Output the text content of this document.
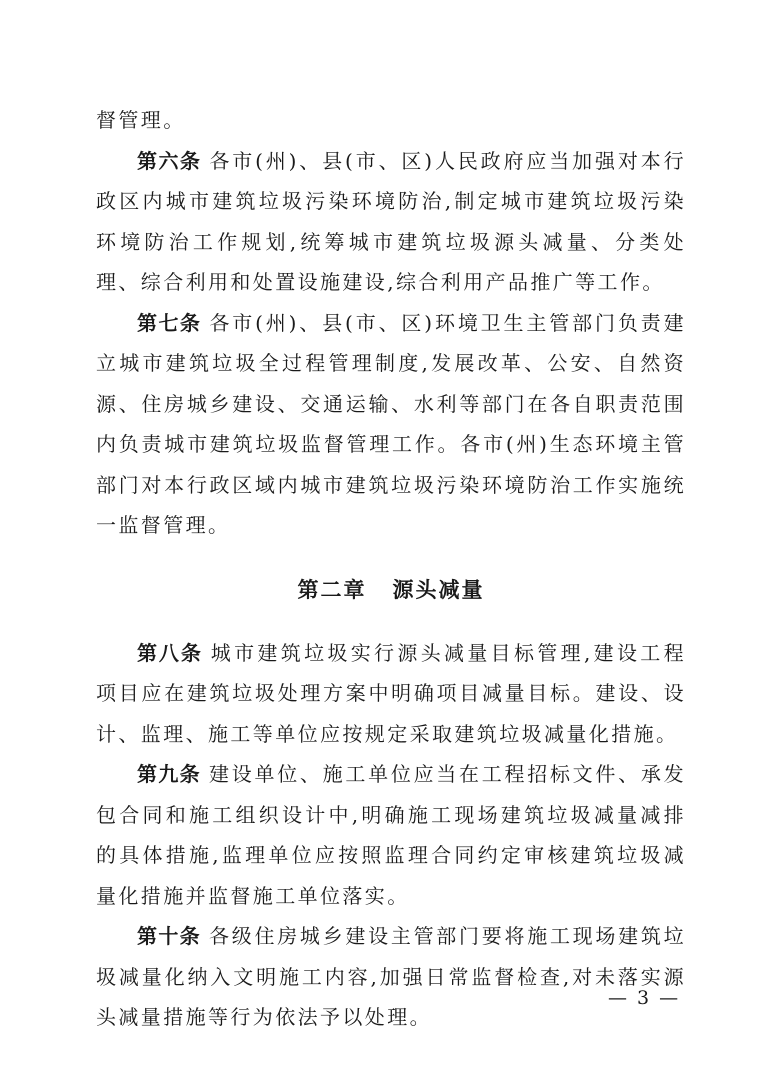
督管理。

第六条 各市(州)、县(市、区)人民政府应当加强对本行政区内城市建筑垃圾污染环境防治,制定城市建筑垃圾污染环境防治工作规划,统筹城市建筑垃圾源头减量、分类处理、综合利用和处置设施建设,综合利用产品推广等工作。

第七条 各市(州)、县(市、区)环境卫生主管部门负责建立城市建筑垃圾全过程管理制度,发展改革、公安、自然资源、住房城乡建设、交通运输、水利等部门在各自职责范围内负责城市建筑垃圾监督管理工作。各市(州)生态环境主管部门对本行政区域内城市建筑垃圾污染环境防治工作实施统一监督管理。

第二章 源头减量

第八条 城市建筑垃圾实行源头减量目标管理,建设工程项目应在建筑垃圾处理方案中明确项目减量目标。建设、设计、监理、施工等单位应按规定采取建筑垃圾减量化措施。

第九条 建设单位、施工单位应当在工程招标文件、承发包合同和施工组织设计中,明确施工现场建筑垃圾减量减排的具体措施,监理单位应按照监理合同约定审核建筑垃圾减量化措施并监督施工单位落实。

第十条 各级住房城乡建设主管部门要将施工现场建筑垃圾减量化纳入文明施工内容,加强日常监督检查,对未落实源头减量措施等行为依法予以处理。

— 3 —
